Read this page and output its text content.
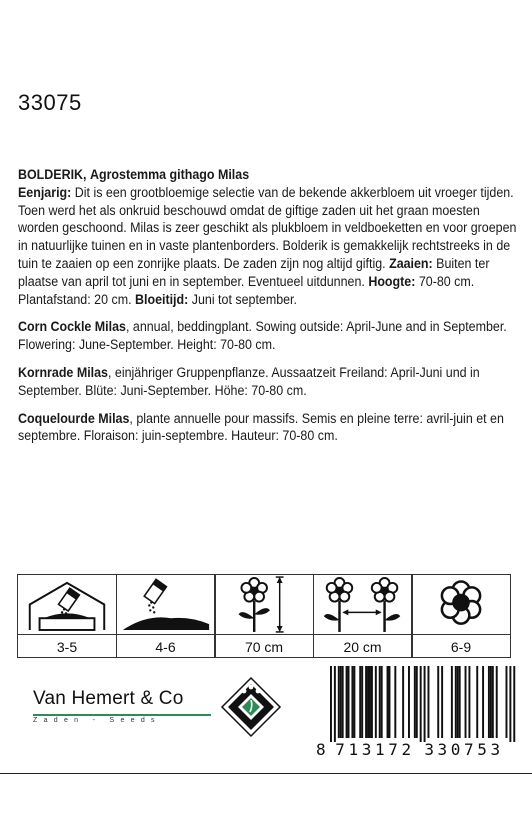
33075

BOLDERIK, Agrostemma githago Milas
Eenjarig: Dit is een grootbloemige selectie van de bekende akkerbloem uit vroeger tijden. Toen werd het als onkruid beschouwd omdat de giftige zaden uit het graan moesten worden geschoond. Milas is zeer geschikt als plukbloem in veldboeketten en voor groepen in natuurlijke tuinen en in vaste plantenborders. Bolderik is gemakkelijk rechtstreeks in de tuin te zaaien op een zonrijke plaats. De zaden zijn nog altijd giftig. Zaaien: Buiten ter plaatse van april tot juni en in september. Eventueel uitdunnen. Hoogte: 70-80 cm. Plantafstand: 20 cm. Bloeitijd: Juni tot september.

Corn Cockle Milas, annual, beddingplant. Sowing outside: April-June and in September. Flowering: June-September. Height: 70-80 cm.

Kornrade Milas, einjähriger Gruppenpflanze. Aussaatzeit Freiland: April-Juni und in September. Blüte: Juni-September. Höhe: 70-80 cm.

Coquelourde Milas, plante annuelle pour massifs. Semis en pleine terre: avril-juin et en septembre. Floraison: juin-septembre. Hauteur: 70-80 cm.

3-5	4-6	70 cm	20 cm	6-9
Van Hemert & Co
Zaden - Seeds
8 713172 330753
